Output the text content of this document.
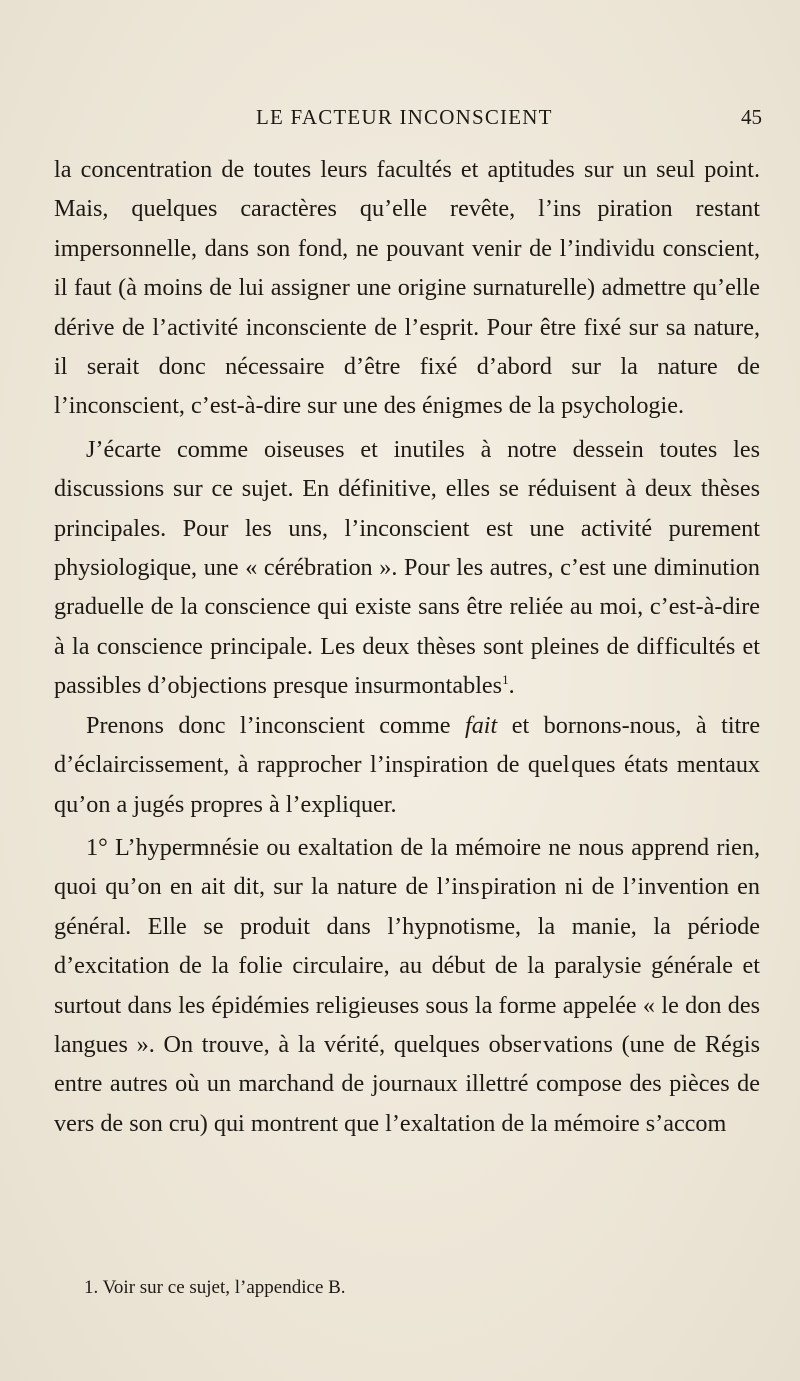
LE FACTEUR INCONSCIENT	45

la concentration de toutes leurs facultés et aptitudes sur un seul point. Mais, quelques caractères qu’elle revête, l’ins piration restant impersonnelle, dans son fond, ne pouvant venir de l’individu conscient, il faut (à moins de lui assi gner une origine surnaturelle) admettre qu’elle dérive de l’activité inconsciente de l’esprit. Pour être fixé sur sa nature, il serait donc nécessaire d’être fixé d’abord sur la nature de l’inconscient, c’est-à-dire sur une des énigmes de la psychologie.

J’écarte comme oiseuses et inutiles à notre dessein toutes les discussions sur ce sujet. En définitive, elles se réduisent à deux thèses principales. Pour les uns, l’inconscient est une activité purement physiologique, une « cérébration ». Pour les autres, c’est une diminution graduelle de la cons cience qui existe sans être reliée au moi, c’est-à-dire à la conscience principale. Les deux thèses sont pleines de dif ficultés et passibles d’objections presque insurmontables$^1$.

Prenons donc l’inconscient comme fait et bornons-nous, à titre d’éclaircissement, à rapprocher l’inspiration de quel ques états mentaux qu’on a jugés propres à l’expliquer.

1° L’hypermnésie ou exaltation de la mémoire ne nous apprend rien, quoi qu’on en ait dit, sur la nature de l’ins piration ni de l’invention en général. Elle se produit dans l’hypnotisme, la manie, la période d’excitation de la folie circulaire, au début de la paralysie générale et surtout dans les épidémies religieuses sous la forme appelée « le don des langues ». On trouve, à la vérité, quelques obser vations (une de Régis entre autres où un marchand de journaux illettré compose des pièces de vers de son cru) qui montrent que l’exaltation de la mémoire s’accom

1. Voir sur ce sujet, l’appendice B.
